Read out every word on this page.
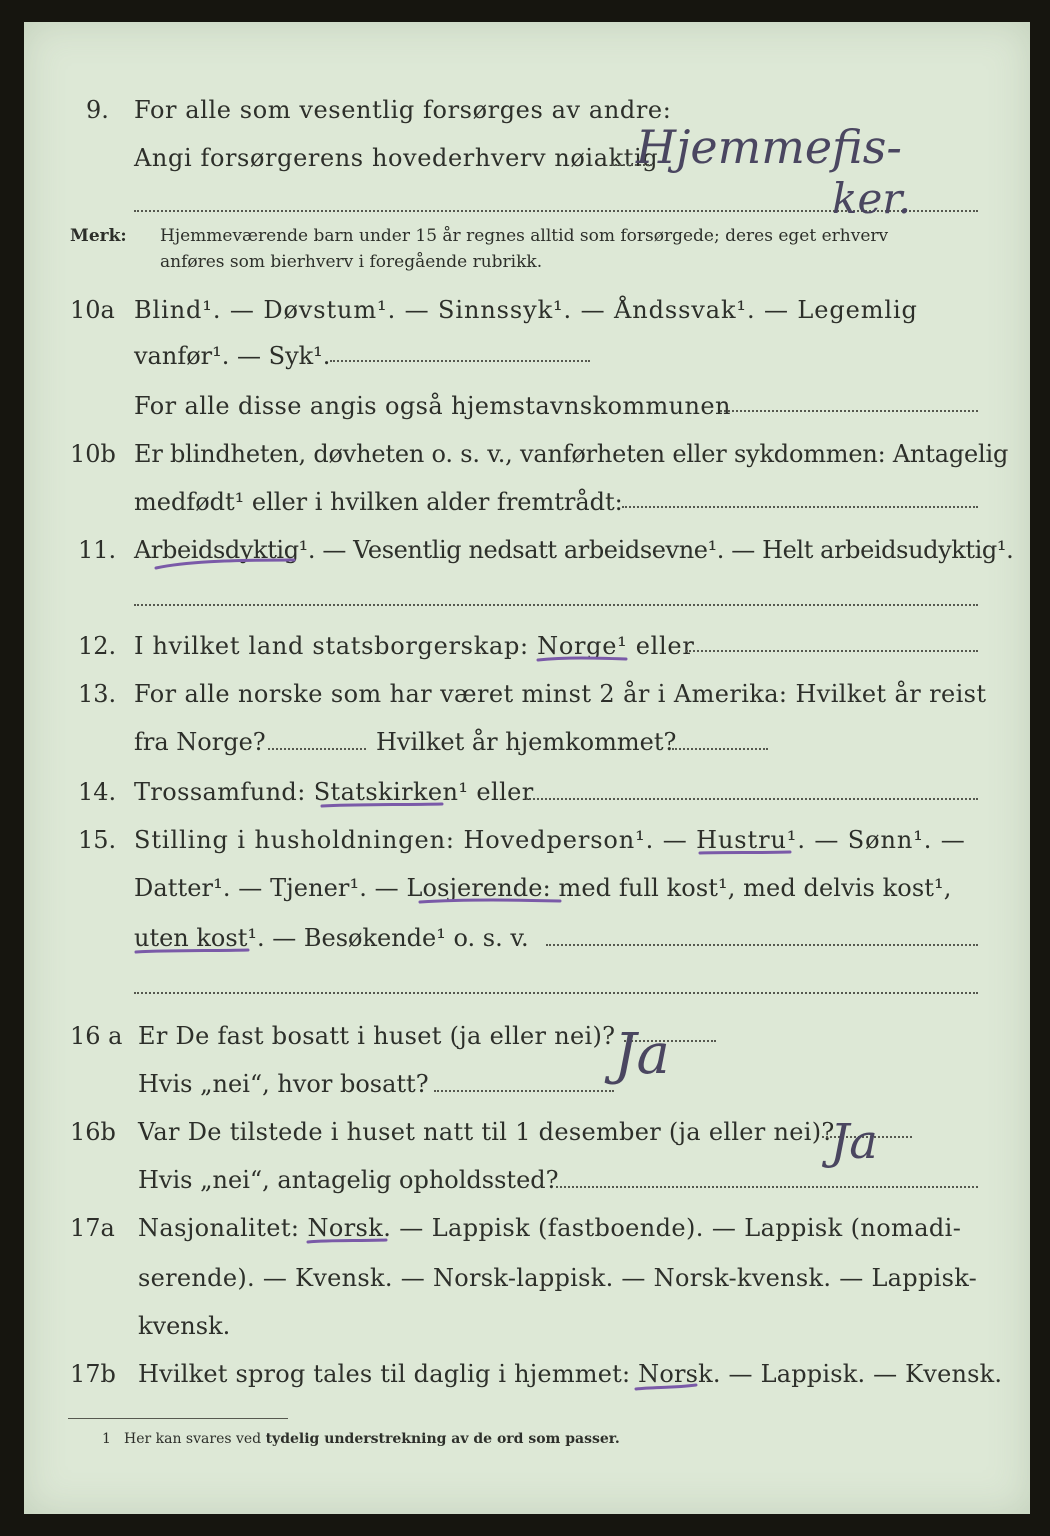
9. For alle som vesentlig forsørges av andre:
Angi forsørgerens hovederhverv nøiaktig
Hjemmefis-
ker.
Merk: Hjemmeværende barn under 15 år regnes alltid som forsørgede; deres eget erhverv
anføres som bierhverv i foregående rubrikk.
10a Blind¹. — Døvstum¹. — Sinnssyk¹. — Åndssvak¹. — Legemlig
vanfør¹. — Syk¹.
For alle disse angis også hjemstavnskommunen
10b Er blindheten, døvheten o. s. v., vanførheten eller sykdommen: Antagelig
medfødt¹ eller i hvilken alder fremtrådt:
11. Arbeidsdyktig¹. — Vesentlig nedsatt arbeidsevne¹. — Helt arbeidsudyktig¹.
12. I hvilket land statsborgerskap: Norge¹ eller
13. For alle norske som har været minst 2 år i Amerika: Hvilket år reist
fra Norge?	Hvilket år hjemkommet?
14. Trossamfund: Statskirken¹ eller
15. Stilling i husholdningen: Hovedperson¹. — Hustru¹. — Sønn¹. —
Datter¹. — Tjener¹. — Losjerende: med full kost¹, med delvis kost¹,
uten kost¹. — Besøkende¹ o. s. v.
16 a Er De fast bosatt i huset (ja eller nei)?
Ja
Hvis „nei“, hvor bosatt?
16b Var De tilstede i huset natt til 1 desember (ja eller nei)?
Ja
Hvis „nei“, antagelig opholdssted?
17a Nasjonalitet: Norsk. — Lappisk (fastboende). — Lappisk (nomadi-
serende). — Kvensk. — Norsk-lappisk. — Norsk-kvensk. — Lappisk-
kvensk.
17b Hvilket sprog tales til daglig i hjemmet: Norsk. — Lappisk. — Kvensk.
1 Her kan svares ved tydelig understrekning av de ord som passer.
